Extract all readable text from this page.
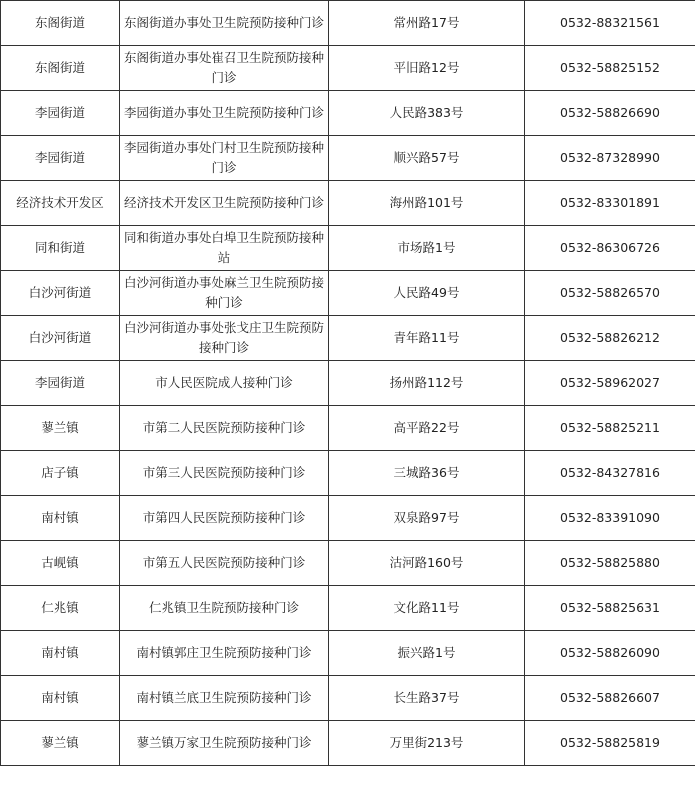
东阁街道	东阁街道办事处卫生院预防接种门诊	常州路17号	0532-88321561
东阁街道	东阁街道办事处崔召卫生院预防接种门诊	平旧路12号	0532-58825152
李园街道	李园街道办事处卫生院预防接种门诊	人民路383号	0532-58826690
李园街道	李园街道办事处门村卫生院预防接种门诊	顺兴路57号	0532-87328990
经济技术开发区	经济技术开发区卫生院预防接种门诊	海州路101号	0532-83301891
同和街道	同和街道办事处白埠卫生院预防接种站	市场路1号	0532-86306726
白沙河街道	白沙河街道办事处麻兰卫生院预防接种门诊	人民路49号	0532-58826570
白沙河街道	白沙河街道办事处张戈庄卫生院预防接种门诊	青年路11号	0532-58826212
李园街道	市人民医院成人接种门诊	扬州路112号	0532-58962027
蓼兰镇	市第二人民医院预防接种门诊	高平路22号	0532-58825211
店子镇	市第三人民医院预防接种门诊	三城路36号	0532-84327816
南村镇	市第四人民医院预防接种门诊	双泉路97号	0532-83391090
古岘镇	市第五人民医院预防接种门诊	沽河路160号	0532-58825880
仁兆镇	仁兆镇卫生院预防接种门诊	文化路11号	0532-58825631
南村镇	南村镇郭庄卫生院预防接种门诊	振兴路1号	0532-58826090
南村镇	南村镇兰底卫生院预防接种门诊	长生路37号	0532-58826607
蓼兰镇	蓼兰镇万家卫生院预防接种门诊	万里街213号	0532-58825819
